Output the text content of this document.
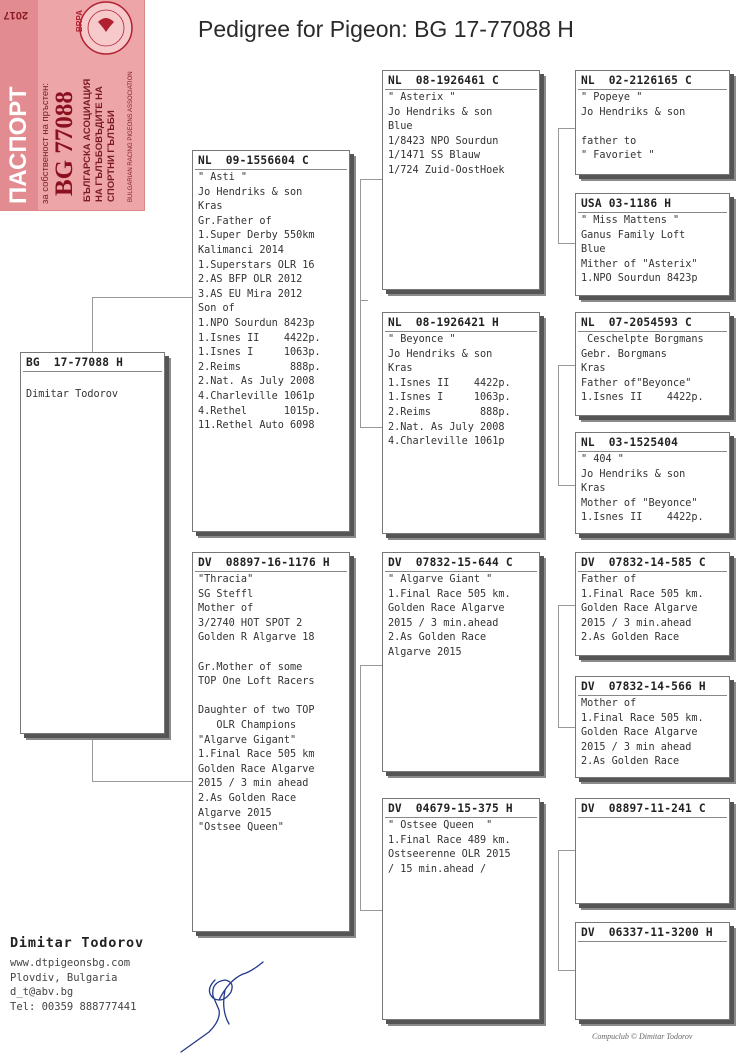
Pedigree for Pigeon: BG 17-77088 H
ПАСПОРТ
2017
за собственост на пръстен: BG 77088 БЪЛГАРСКА АСОЦИАЦИЯ НА ГЪЛЪБОВЪДИТЕ НА СПОРТНИ ГЪЛЪБИ BULGARIAN RACING PIGEONS ASSOCIATION
BRPA
BG  17-77088 H

Dimitar Todorov
NL  09-1556604 C
" Asti "
Jo Hendriks & son
Kras
Gr.Father of
1.Super Derby 550km
Kalimanci 2014
1.Superstars OLR 16
2.AS BFP OLR 2012
3.AS EU Mira 2012
Son of
1.NPO Sourdun 8423p
1.Isnes II    4422p.
1.Isnes I     1063p.
2.Reims        888p.
2.Nat. As July 2008
4.Charleville 1061p
4.Rethel      1015p.
11.Rethel Auto 6098
DV  08897-16-1176 H
"Thracia"
SG Steffl
Mother of
3/2740 HOT SPOT 2
Golden R Algarve 18

Gr.Mother of some
TOP One Loft Racers

Daughter of two TOP
OLR Champions
"Algarve Gigant"
1.Final Race 505 km
Golden Race Algarve
2015 / 3 min ahead
2.As Golden Race
Algarve 2015
"Ostsee Queen"
NL  08-1926461 C
" Asterix "
Jo Hendriks & son
Blue
1/8423 NPO Sourdun
1/1471 SS Blauw
1/724 Zuid-OostHoek
NL  08-1926421 H
" Beyonce "
Jo Hendriks & son
Kras
1.Isnes II    4422p.
1.Isnes I     1063p.
2.Reims        888p.
2.Nat. As July 2008
4.Charleville 1061p
DV  07832-15-644 C
" Algarve Giant "
1.Final Race 505 km.
Golden Race Algarve
2015 / 3 min.ahead
2.As Golden Race
Algarve 2015
DV  04679-15-375 H
" Ostsee Queen  "
1.Final Race 489 km.
Ostseerenne OLR 2015
/ 15 min.ahead /
NL  02-2126165 C
" Popeye "
Jo Hendriks & son

father to
" Favoriet "
USA 03-1186 H
" Miss Mattens "
Ganus Family Loft
Blue
Mither of "Asterix"
1.NPO Sourdun 8423p
NL  07-2054593 C
Ceschelpte Borgmans
Gebr. Borgmans
Kras
Father of"Beyonce"
1.Isnes II    4422p.
NL  03-1525404
" 404 "
Jo Hendriks & son
Kras
Mother of "Beyonce"
1.Isnes II    4422p.
DV  07832-14-585 C
Father of
1.Final Race 505 km.
Golden Race Algarve
2015 / 3 min.ahead
2.As Golden Race
DV  07832-14-566 H
Mother of
1.Final Race 505 km.
Golden Race Algarve
2015 / 3 min ahead
2.As Golden Race
DV  08897-11-241 C
DV  06337-11-3200 H
Dimitar Todorov
www.dtpigeonsbg.com
Plovdiv, Bulgaria
d_t@abv.bg
Tel: 00359 888777441
Compuclub © Dimitar Todorov
